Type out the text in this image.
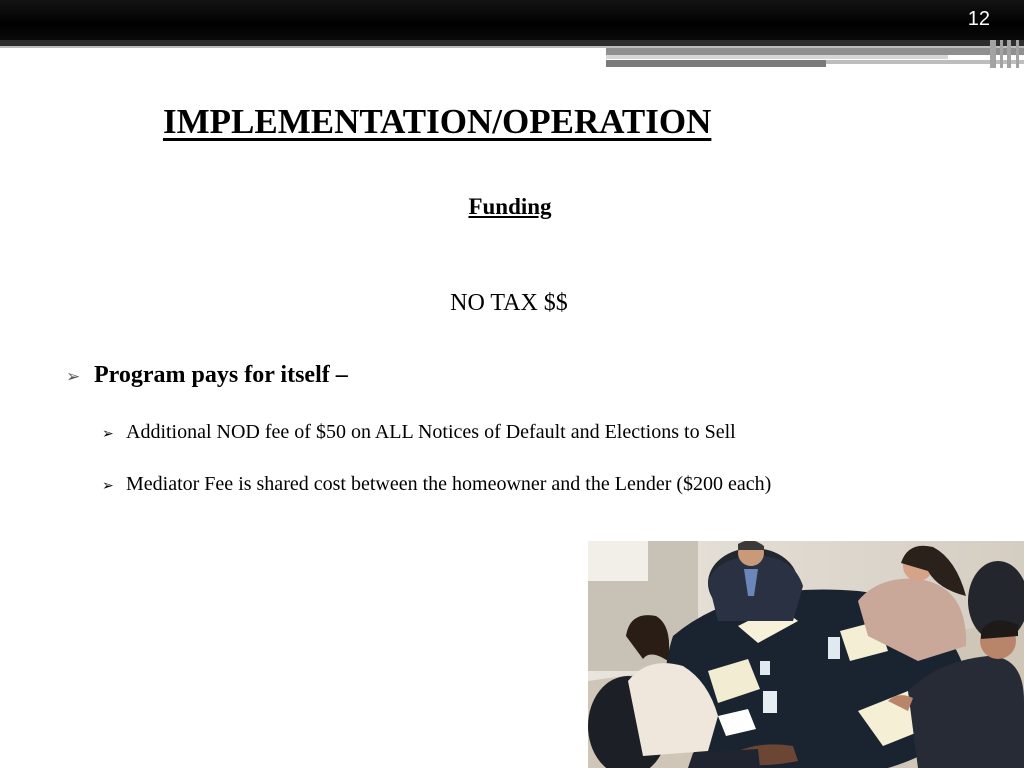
12
IMPLEMENTATION/OPERATION
Funding
NO TAX $$
➢ Program pays for itself –
➢ Additional NOD fee of $50 on ALL Notices of Default and Elections to Sell
➢ Mediator Fee is shared cost between the homeowner and the Lender ($200 each)
